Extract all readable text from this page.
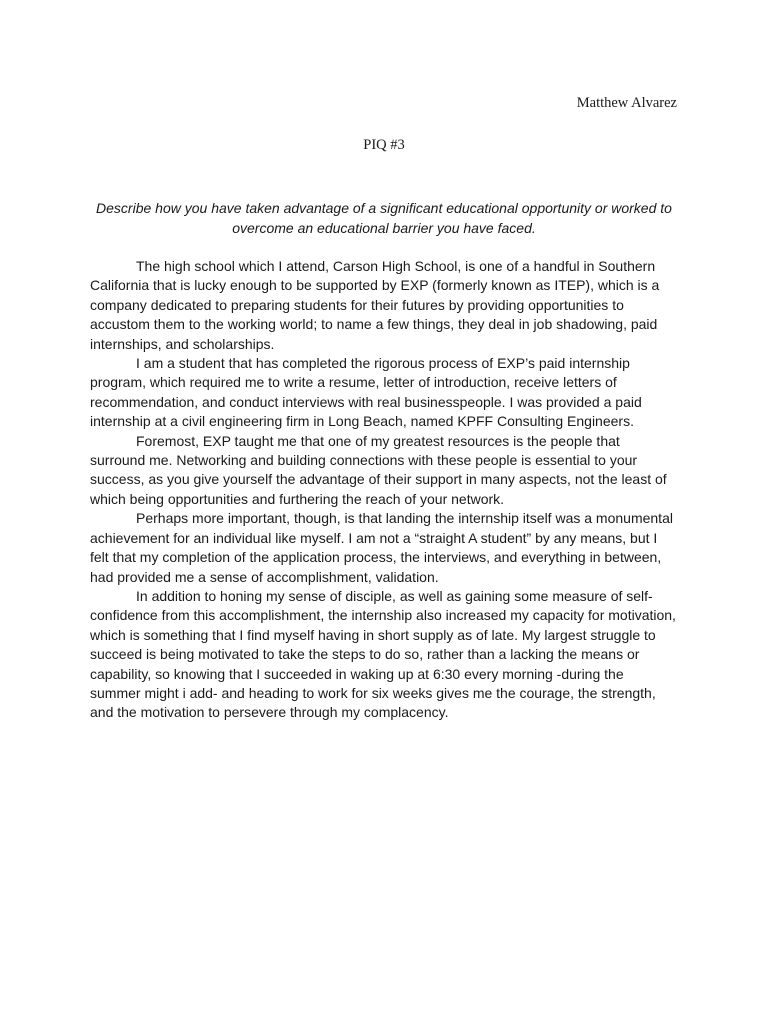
Matthew Alvarez
PIQ #3
Describe how you have taken advantage of a significant educational opportunity or worked to overcome an educational barrier you have faced.

The high school which I attend, Carson High School, is one of a handful in Southern California that is lucky enough to be supported by EXP (formerly known as ITEP), which is a company dedicated to preparing students for their futures by providing opportunities to accustom them to the working world; to name a few things, they deal in job shadowing, paid internships, and scholarships.

I am a student that has completed the rigorous process of EXP’s paid internship program, which required me to write a resume, letter of introduction, receive letters of recommendation, and conduct interviews with real businesspeople. I was provided a paid internship at a civil engineering firm in Long Beach, named KPFF Consulting Engineers.

Foremost, EXP taught me that one of my greatest resources is the people that surround me. Networking and building connections with these people is essential to your success, as you give yourself the advantage of their support in many aspects, not the least of which being opportunities and furthering the reach of your network.

Perhaps more important, though, is that landing the internship itself was a monumental achievement for an individual like myself. I am not a “straight A student” by any means, but I felt that my completion of the application process, the interviews, and everything in between, had provided me a sense of accomplishment, validation.

In addition to honing my sense of disciple, as well as gaining some measure of self-confidence from this accomplishment, the internship also increased my capacity for motivation, which is something that I find myself having in short supply as of late. My largest struggle to succeed is being motivated to take the steps to do so, rather than a lacking the means or capability, so knowing that I succeeded in waking up at 6:30 every morning -during the summer might i add- and heading to work for six weeks gives me the courage, the strength, and the motivation to persevere through my complacency.
